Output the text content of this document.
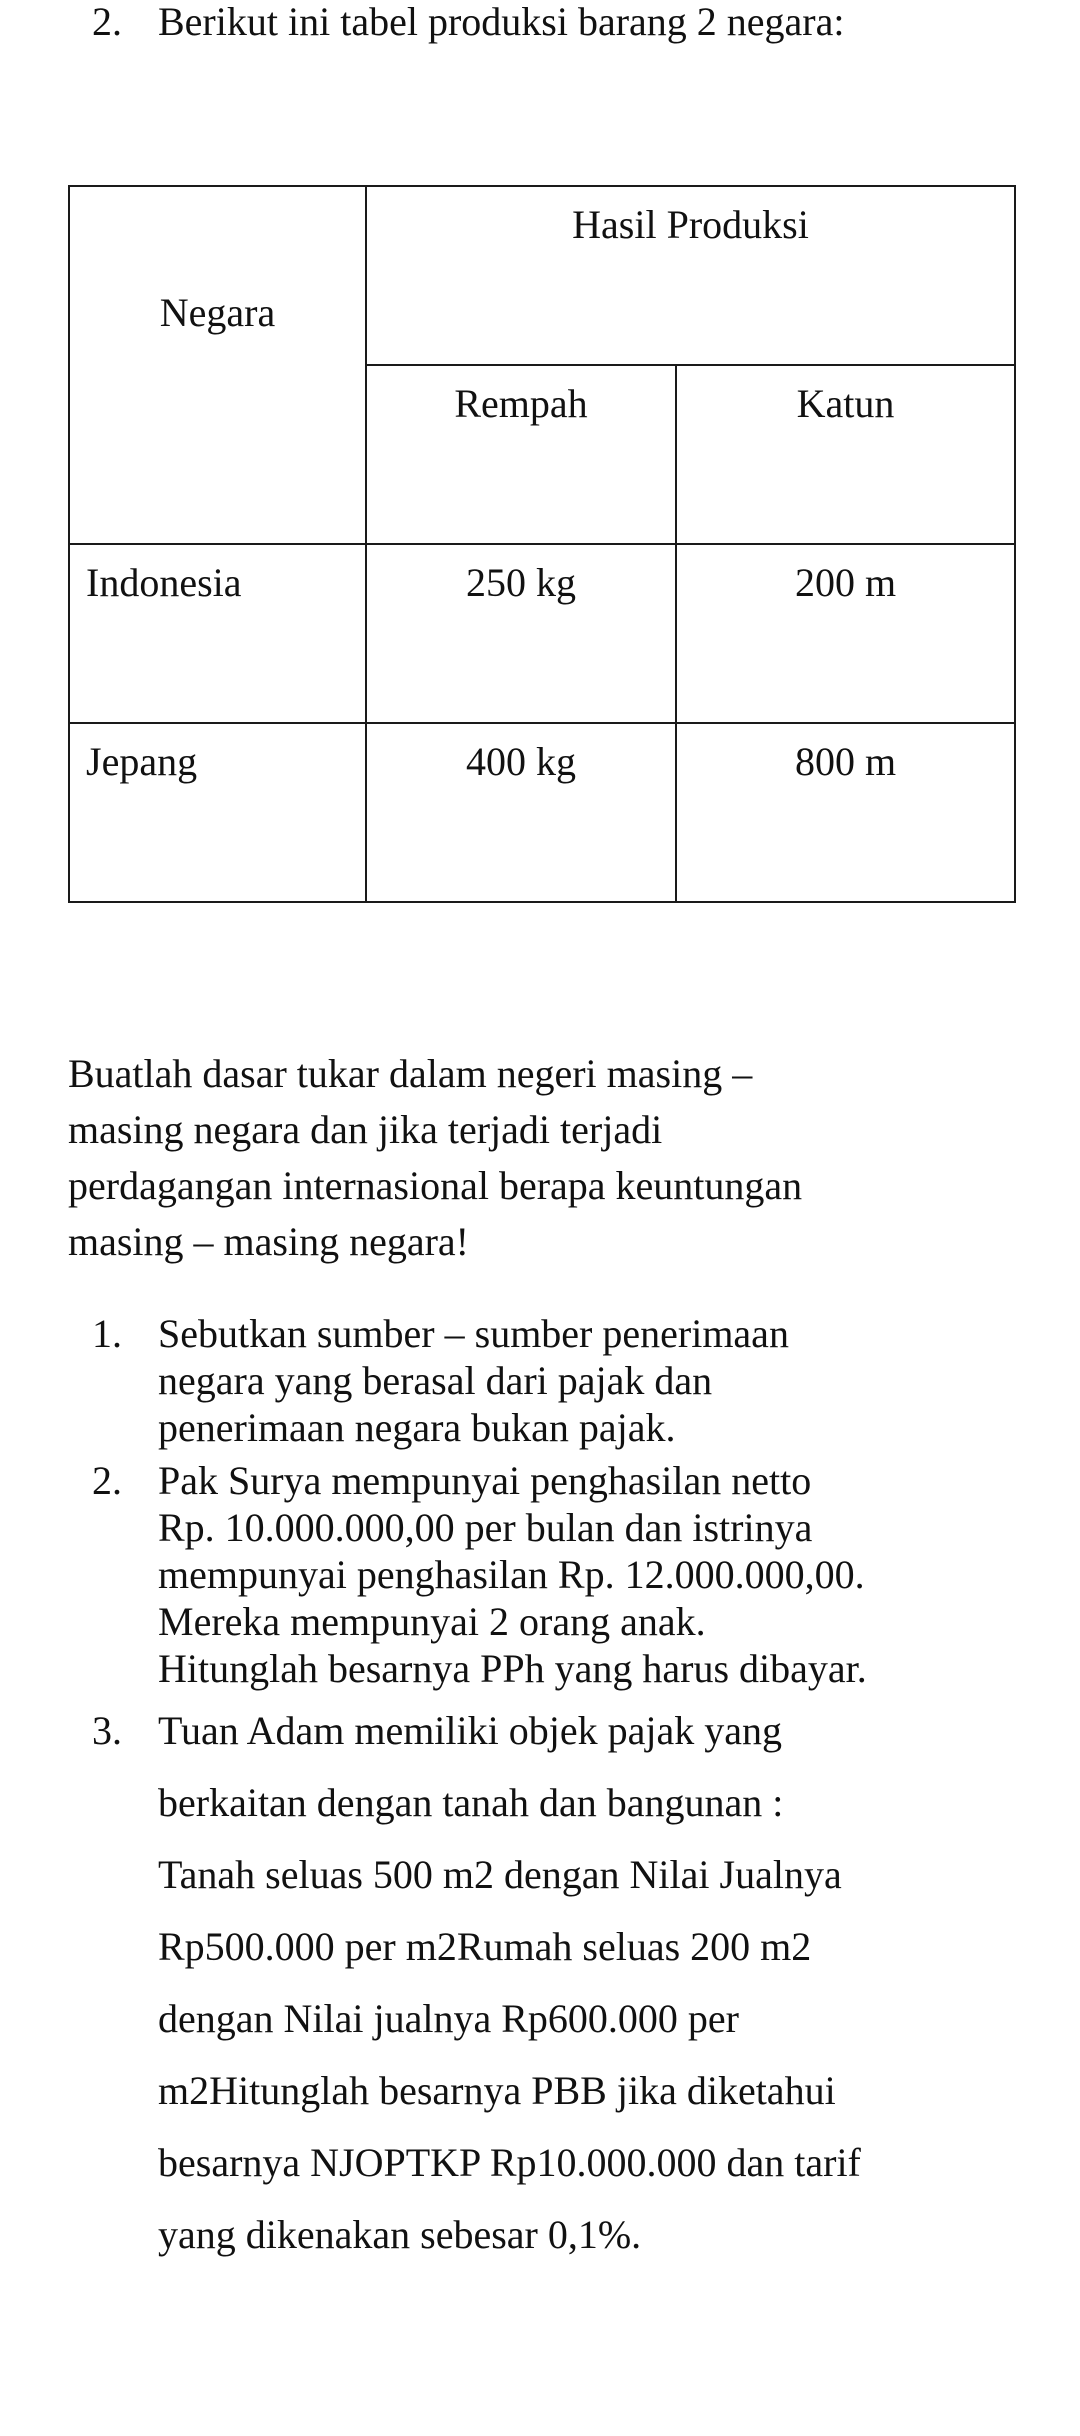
2. Berikut ini tabel produksi barang 2 negara:
Negara	Hasil Produksi	

	Rempah	Katun

Indonesia	250 kg	200 m

Jepang	400 kg	800 m
Buatlah dasar tukar dalam negeri masing –
masing negara dan jika terjadi terjadi
perdagangan internasional berapa keuntungan
masing – masing negara!
1. Sebutkan sumber – sumber penerimaan
negara yang berasal dari pajak dan
penerimaan negara bukan pajak.
2. Pak Surya mempunyai penghasilan netto
Rp. 10.000.000,00 per bulan dan istrinya
mempunyai penghasilan Rp. 12.000.000,00.
Mereka mempunyai 2 orang anak.
Hitunglah besarnya PPh yang harus dibayar.
3. Tuan Adam memiliki objek pajak yang
berkaitan dengan tanah dan bangunan :
Tanah seluas 500 m2 dengan Nilai Jualnya
Rp500.000 per m2Rumah seluas 200 m2
dengan Nilai jualnya Rp600.000 per
m2Hitunglah besarnya PBB jika diketahui
besarnya NJOPTKP Rp10.000.000 dan tarif
yang dikenakan sebesar 0,1%.
